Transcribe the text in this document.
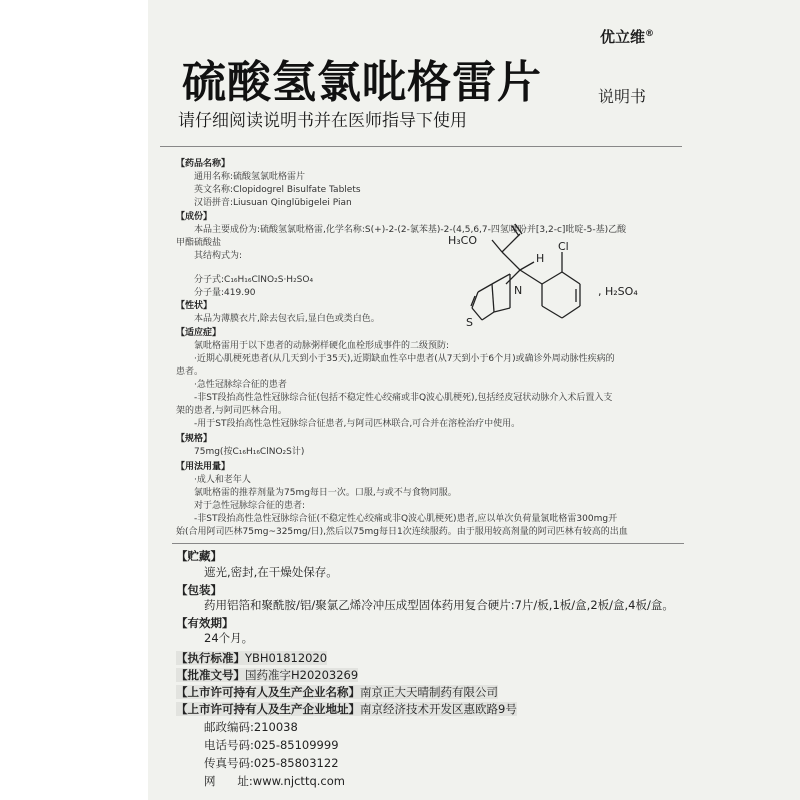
优立维®
硫酸氢氯吡格雷片	说明书
请仔细阅读说明书并在医师指导下使用
【药品名称】
通用名称:硫酸氢氯吡格雷片
英文名称:Clopidogrel Bisulfate Tablets
汉语拼音:Liusuan Qinglübigelei Pian
【成份】
本品主要成份为:硫酸氢氯吡格雷,化学名称:S(+)-2-(2-氯苯基)-2-(4,5,6,7-四氢噻吩并[3,2-c]吡啶-5-基)乙酸
甲酯硫酸盐
其结构式为:
分子式:C₁₆H₁₆ClNO₂S·H₂SO₄
分子量:419.90
H₃CO
H
Cl
N
S
, H₂SO₄
【性状】
本品为薄膜衣片,除去包衣后,显白色或类白色。
【适应症】
氯吡格雷用于以下患者的动脉粥样硬化血栓形成事件的二级预防:
·近期心肌梗死患者(从几天到小于35天),近期缺血性卒中患者(从7天到小于6个月)或确诊外周动脉性疾病的
患者。
·急性冠脉综合征的患者
-非ST段抬高性急性冠脉综合征(包括不稳定性心绞痛或非Q波心肌梗死),包括经皮冠状动脉介入术后置入支
架的患者,与阿司匹林合用。
-用于ST段抬高性急性冠脉综合征患者,与阿司匹林联合,可合并在溶栓治疗中使用。
【规格】
75mg(按C₁₆H₁₆ClNO₂S计)
【用法用量】
·成人和老年人
氯吡格雷的推荐剂量为75mg每日一次。口服,与或不与食物同服。
对于急性冠脉综合征的患者:
-非ST段抬高性急性冠脉综合征(不稳定性心绞痛或非Q波心肌梗死)患者,应以单次负荷量氯吡格雷300mg开
始(合用阿司匹林75mg~325mg/日),然后以75mg每日1次连续服药。由于服用较高剂量的阿司匹林有较高的出血
【贮藏】
遮光,密封,在干燥处保存。
【包装】
药用铝箔和聚酰胺/铝/聚氯乙烯冷冲压成型固体药用复合硬片:7片/板,1板/盒,2板/盒,4板/盒。
【有效期】
24个月。
【执行标准】YBH01812020
【批准文号】国药准字H20203269
【上市许可持有人及生产企业名称】南京正大天晴制药有限公司
【上市许可持有人及生产企业地址】南京经济技术开发区惠欧路9号
邮政编码:210038
电话号码:025-85109999
传真号码:025-85803122
网      址:www.njcttq.com
